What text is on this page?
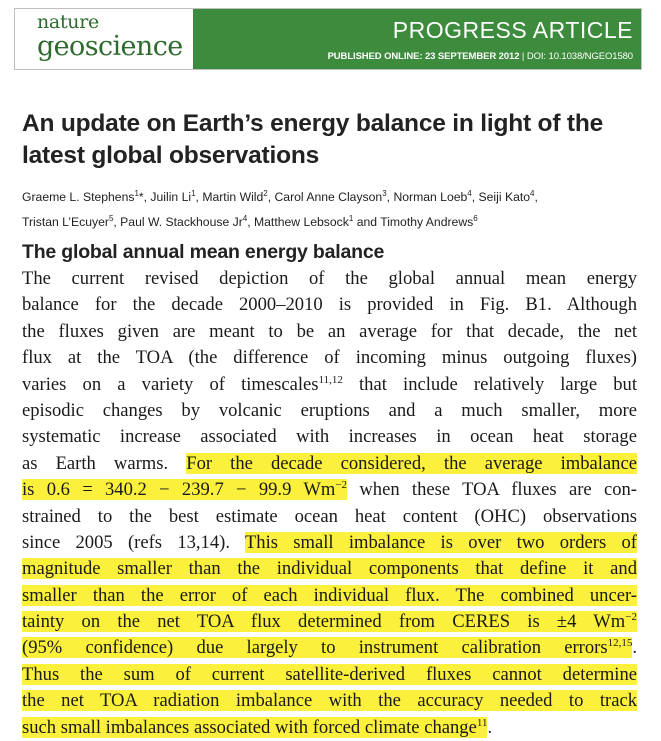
nature
geoscience
PROGRESS ARTICLE
PUBLISHED ONLINE: 23 SEPTEMBER 2012 | DOI: 10.1038/NGEO1580
An update on Earth’s energy balance in light of the
latest global observations
Graeme L. Stephens$^1$*, Juilin Li$^1$, Martin Wild$^2$, Carol Anne Clayson$^3$, Norman Loeb$^4$, Seiji Kato$^4$,
Tristan L’Ecuyer$^5$, Paul W. Stackhouse Jr$^4$, Matthew Lebsock$^1$ and Timothy Andrews$^6$
The global annual mean energy balance
The current revised depiction of the global annual mean energy
balance for the decade 2000–2010 is provided in Fig. B1. Although
the fluxes given are meant to be an average for that decade, the net
flux at the TOA (the difference of incoming minus outgoing fluxes)
varies on a variety of timescales$^{11,12}$ that include relatively large but
episodic changes by volcanic eruptions and a much smaller, more
systematic increase associated with increases in ocean heat storage
as Earth warms. For the decade considered, the average imbalance
is 0.6 = 340.2 − 239.7 − 99.9 $Wm^{-2}$ when these TOA fluxes are con-
strained to the best estimate ocean heat content (OHC) observations
since 2005 (refs 13,14). This small imbalance is over two orders of
magnitude smaller than the individual components that define it and
smaller than the error of each individual flux. The combined uncer-
tainty on the net TOA flux determined from CERES is ±4 $Wm^{-2}$
(95% confidence) due largely to instrument calibration errors$^{12,15}$.
Thus the sum of current satellite-derived fluxes cannot determine
the net TOA radiation imbalance with the accuracy needed to track
such small imbalances associated with forced climate change$^{11}$.
